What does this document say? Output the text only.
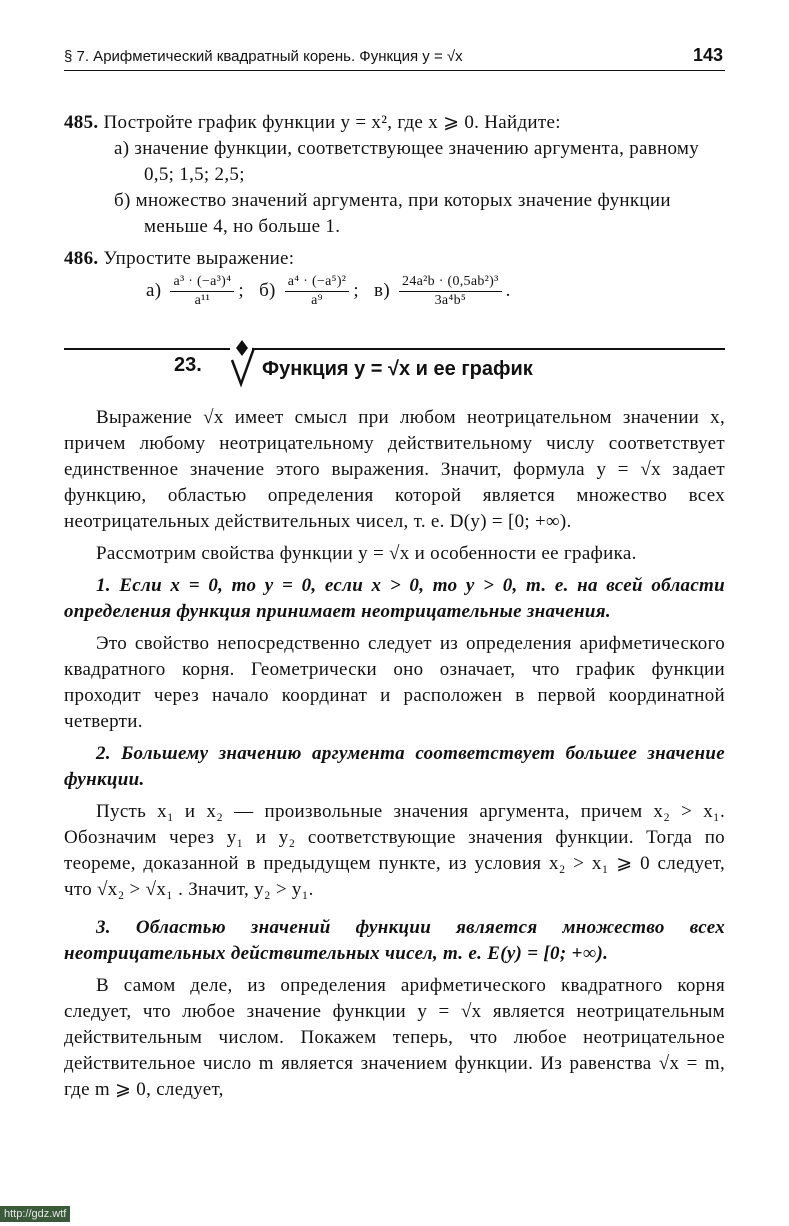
§ 7. Арифметический квадратный корень. Функция y = √x	143

485. Постройте график функции y = x², где x ⩾ 0. Найдите:

а) значение функции, соответствующее значению аргумента, равному 0,5; 1,5; 2,5;

б) множество значений аргумента, при которых значение функции меньше 4, но больше 1.

486. Упростите выражение:

$а) \frac{\text{a³ · (−a³)⁴}}{\text{a¹¹}}$ ;   $б) \frac{\text{a⁴ · (−a⁵)²}}{\text{a⁹}}$ ;   $в) \frac{\text{24a²b · (0,5ab²)³}}{\text{3a⁴b⁵}}$ .

23.	Функция y = √x и ее график

Выражение √x имеет смысл при любом неотрицательном значении x, причем любому неотрицательному действительному числу соответствует единственное значение этого выражения. Значит, формула y = √x задает функцию, областью определения которой является множество всех неотрицательных действительных чисел, т. е. D(y) = [0; +∞).

Рассмотрим свойства функции y = √x и особенности ее графика.

1. Если x = 0, то y = 0, если x > 0, то y > 0, т. е. на всей области определения функция принимает неотрицательные значения.

Это свойство непосредственно следует из определения арифметического квадратного корня. Геометрически оно означает, что график функции проходит через начало координат и расположен в первой координатной четверти.

2. Большему значению аргумента соответствует большее значение функции.

Пусть x₁ и x₂ — произвольные значения аргумента, причем x₂ > x₁. Обозначим через y₁ и y₂ соответствующие значения функции. Тогда по теореме, доказанной в предыдущем пункте, из условия x₂ > x₁ ⩾ 0 следует, что √x₂ > √x₁ . Значит, y₂ > y₁.

3. Областью значений функции является множество всех неотрицательных действительных чисел, т. е. E(y) = [0; +∞).

В самом деле, из определения арифметического квадратного корня следует, что любое значение функции y = √x является неотрицательным действительным числом. Покажем теперь, что любое неотрицательное действительное число m является значением функции. Из равенства √x = m, где m ⩾ 0, следует,

http://gdz.wtf
